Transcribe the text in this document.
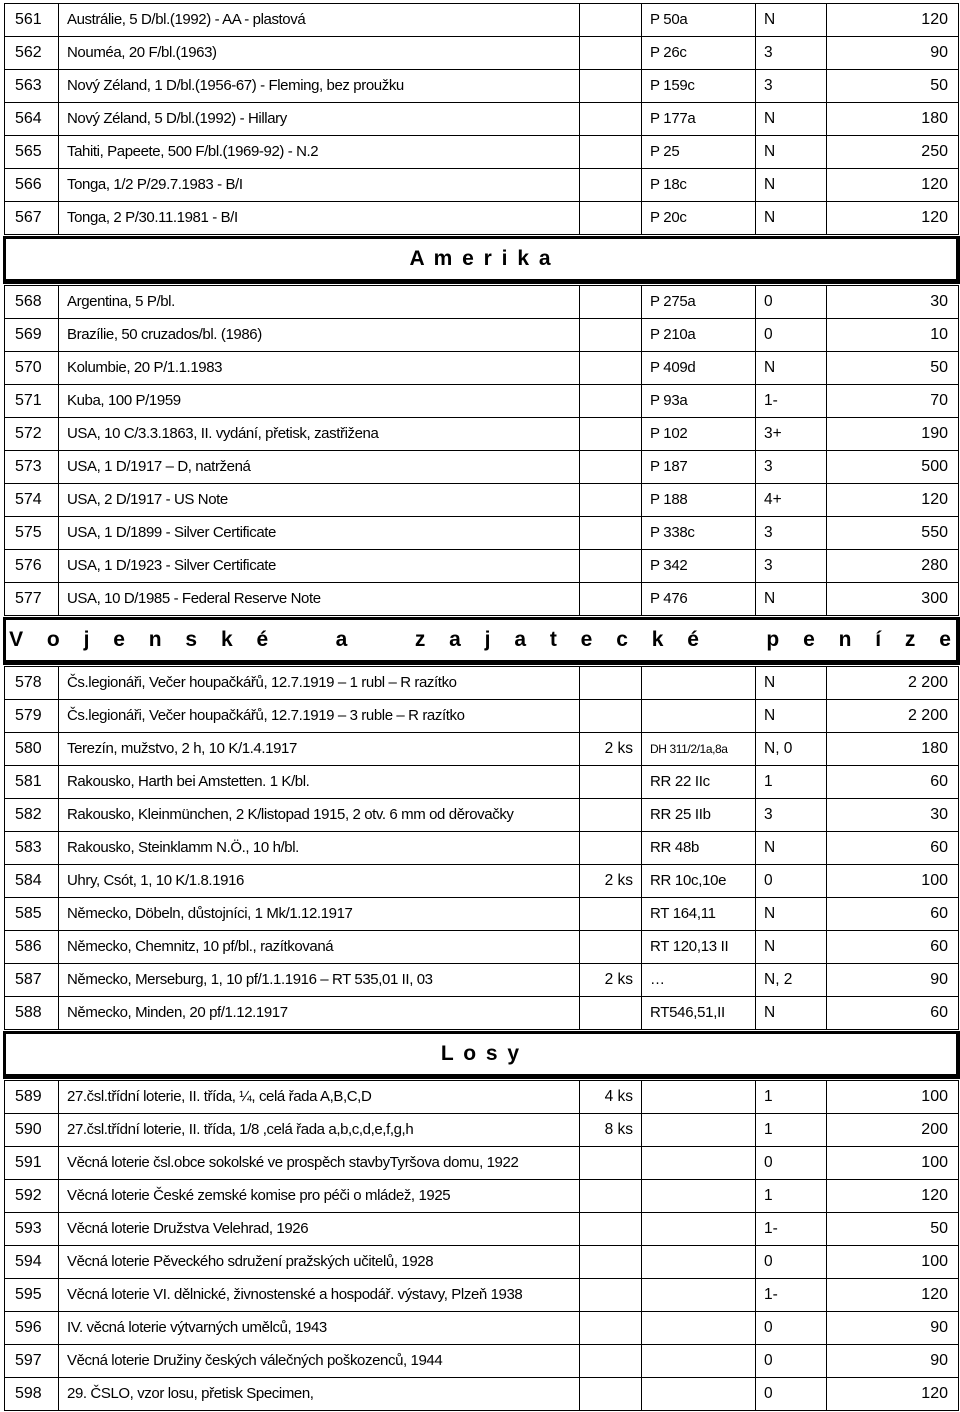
561	Austrálie, 5 D/bl.(1992) - AA - plastová		P 50a	N	120
562	Nouméa, 20 F/bl.(1963)		P 26c	3	90
563	Nový Zéland, 1 D/bl.(1956-67) - Fleming, bez proužku		P 159c	3	50
564	Nový Zéland, 5 D/bl.(1992) - Hillary		P 177a	N	180
565	Tahiti, Papeete, 500 F/bl.(1969-92) - N.2		P 25	N	250
566	Tonga, 1/2 P/29.7.1983 - B/I		P 18c	N	120
567	Tonga, 2 P/30.11.1981 - B/I		P 20c	N	120

A m e r i k a					

568	Argentina, 5 P/bl.		P 275a	0	30
569	Brazílie, 50 cruzados/bl. (1986)		P 210a	0	10
570	Kolumbie, 20 P/1.1.1983		P 409d	N	50
571	Kuba, 100 P/1959		P 93a	1-	70
572	USA, 10 C/3.3.1863, II. vydání, přetisk, zastřižena		P 102	3+	190
573	USA, 1 D/1917 – D, natržená		P 187	3	500
574	USA, 2 D/1917 - US Note		P 188	4+	120
575	USA, 1 D/1899 - Silver Certificate		P 338c	3	550
576	USA, 1 D/1923 - Silver Certificate		P 342	3	280
577	USA, 10 D/1985 - Federal Reserve Note		P 476	N	300

V o j e n s k é   a   z a j a t e c k é   p e n í z e					

578	Čs.legionáři, Večer houpačkářů, 12.7.1919 – 1 rubl – R razítko			N	2 200
579	Čs.legionáři, Večer houpačkářů, 12.7.1919 – 3 ruble – R razítko			N	2 200
580	Terezín, mužstvo, 2 h, 10 K/1.4.1917	2 ks	DH 311/2/1a,8a	N, 0	180
581	Rakousko, Harth bei Amstetten. 1 K/bl.		RR 22 IIc	1	60
582	Rakousko, Kleinmünchen, 2 K/listopad 1915, 2 otv. 6 mm od děrovačky		RR 25 IIb	3	30
583	Rakousko, Steinklamm N.Ö., 10 h/bl.		RR 48b	N	60
584	Uhry, Csót, 1, 10 K/1.8.1916	2 ks	RR 10c,10e	0	100
585	Německo, Döbeln, důstojníci, 1 Mk/1.12.1917		RT 164,11	N	60
586	Německo, Chemnitz, 10 pf/bl., razítkovaná		RT 120,13 II	N	60
587	Německo, Merseburg, 1, 10 pf/1.1.1916 – RT 535,01 II, 03	2 ks	…	N, 2	90
588	Německo, Minden, 20 pf/1.12.1917		RT546,51,II	N	60

L o s y					

589	27.čsl.třídní loterie, II. třída, ¼, celá řada A,B,C,D	4 ks		1	100
590	27.čsl.třídní loterie, II. třída, 1/8 ,celá řada a,b,c,d,e,f,g,h	8 ks		1	200
591	Věcná loterie čsl.obce sokolské ve prospěch stavbyTyršova domu, 1922			0	100
592	Věcná loterie České zemské komise pro péči o mládež, 1925			1	120
593	Věcná loterie Družstva Velehrad, 1926			1-	50
594	Věcná loterie Pěveckého sdružení pražských učitelů, 1928			0	100
595	Věcná loterie VI. dělnické, živnostenské a hospodář. výstavy, Plzeň 1938			1-	120
596	IV. věcná loterie výtvarných umělců, 1943			0	90
597	Věcná loterie Družiny českých válečných poškozenců, 1944			0	90
598	29. ČSLO, vzor losu, přetisk Specimen,			0	120
